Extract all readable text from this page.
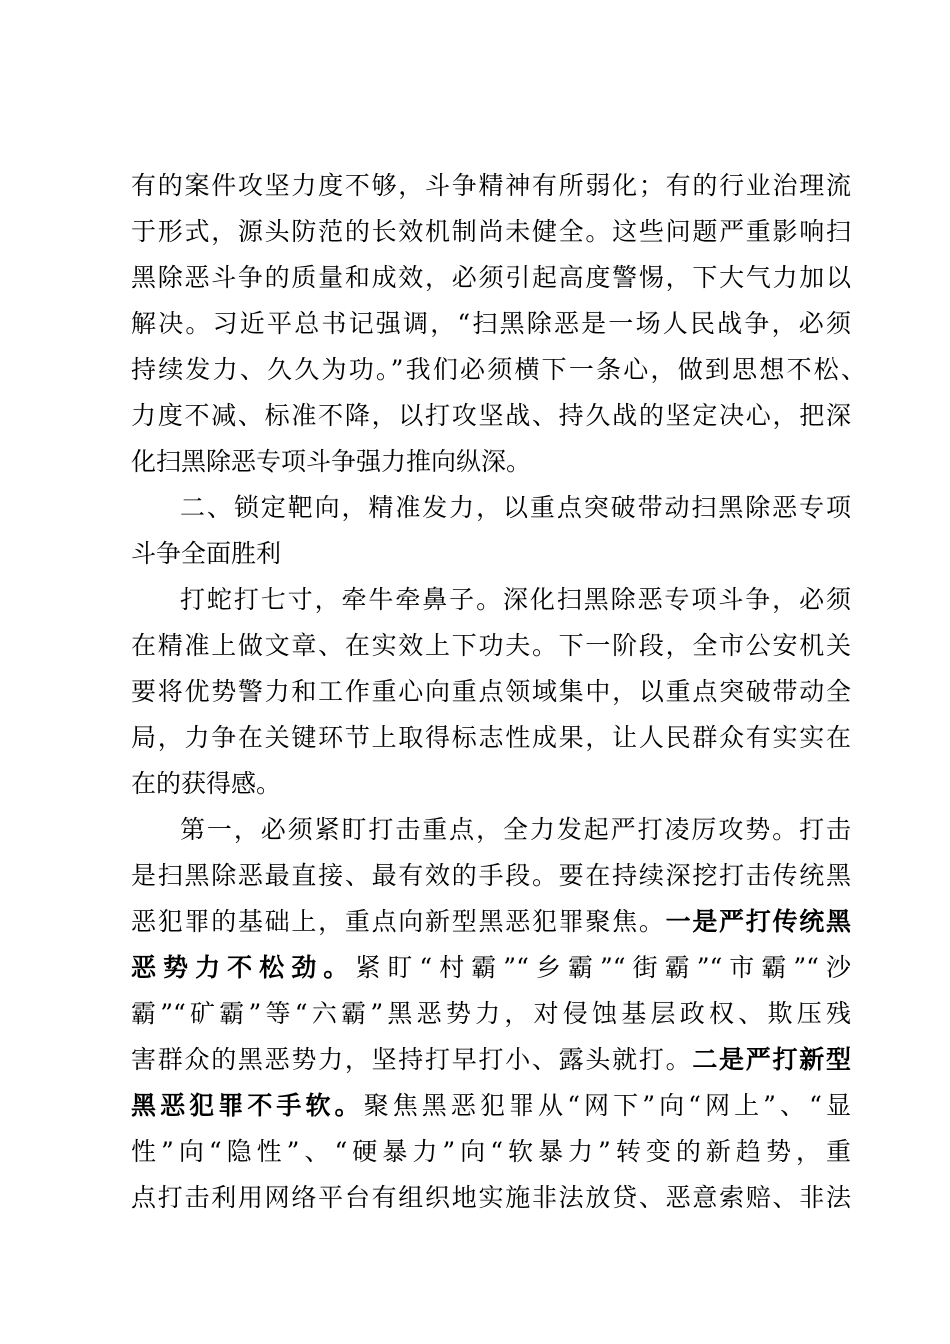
有的案件攻坚力度不够，斗争精神有所弱化；有的行业治理流
于形式，源头防范的长效机制尚未健全。这些问题严重影响扫
黑除恶斗争的质量和成效，必须引起高度警惕，下大气力加以
解决。习近平总书记强调，“扫黑除恶是一场人民战争，必须
持续发力、久久为功。”我们必须横下一条心，做到思想不松、
力度不减、标准不降，以打攻坚战、持久战的坚定决心，把深
化扫黑除恶专项斗争强力推向纵深。
二、锁定靶向，精准发力，以重点突破带动扫黑除恶专项
斗争全面胜利
打蛇打七寸，牵牛牵鼻子。深化扫黑除恶专项斗争，必须
在精准上做文章、在实效上下功夫。下一阶段，全市公安机关
要将优势警力和工作重心向重点领域集中，以重点突破带动全
局，力争在关键环节上取得标志性成果，让人民群众有实实在
在的获得感。
第一，必须紧盯打击重点，全力发起严打凌厉攻势。打击
是扫黑除恶最直接、最有效的手段。要在持续深挖打击传统黑
恶犯罪的基础上，重点向新型黑恶犯罪聚焦。一是严打传统黑
恶势力不松劲。紧盯“村霸”“乡霸”“街霸”“市霸”“沙
霸”“矿霸”等“六霸”黑恶势力，对侵蚀基层政权、欺压残
害群众的黑恶势力，坚持打早打小、露头就打。二是严打新型
黑恶犯罪不手软。聚焦黑恶犯罪从“网下”向“网上”、“显
性”向“隐性”、“硬暴力”向“软暴力”转变的新趋势，重
点打击利用网络平台有组织地实施非法放贷、恶意索赔、非法
